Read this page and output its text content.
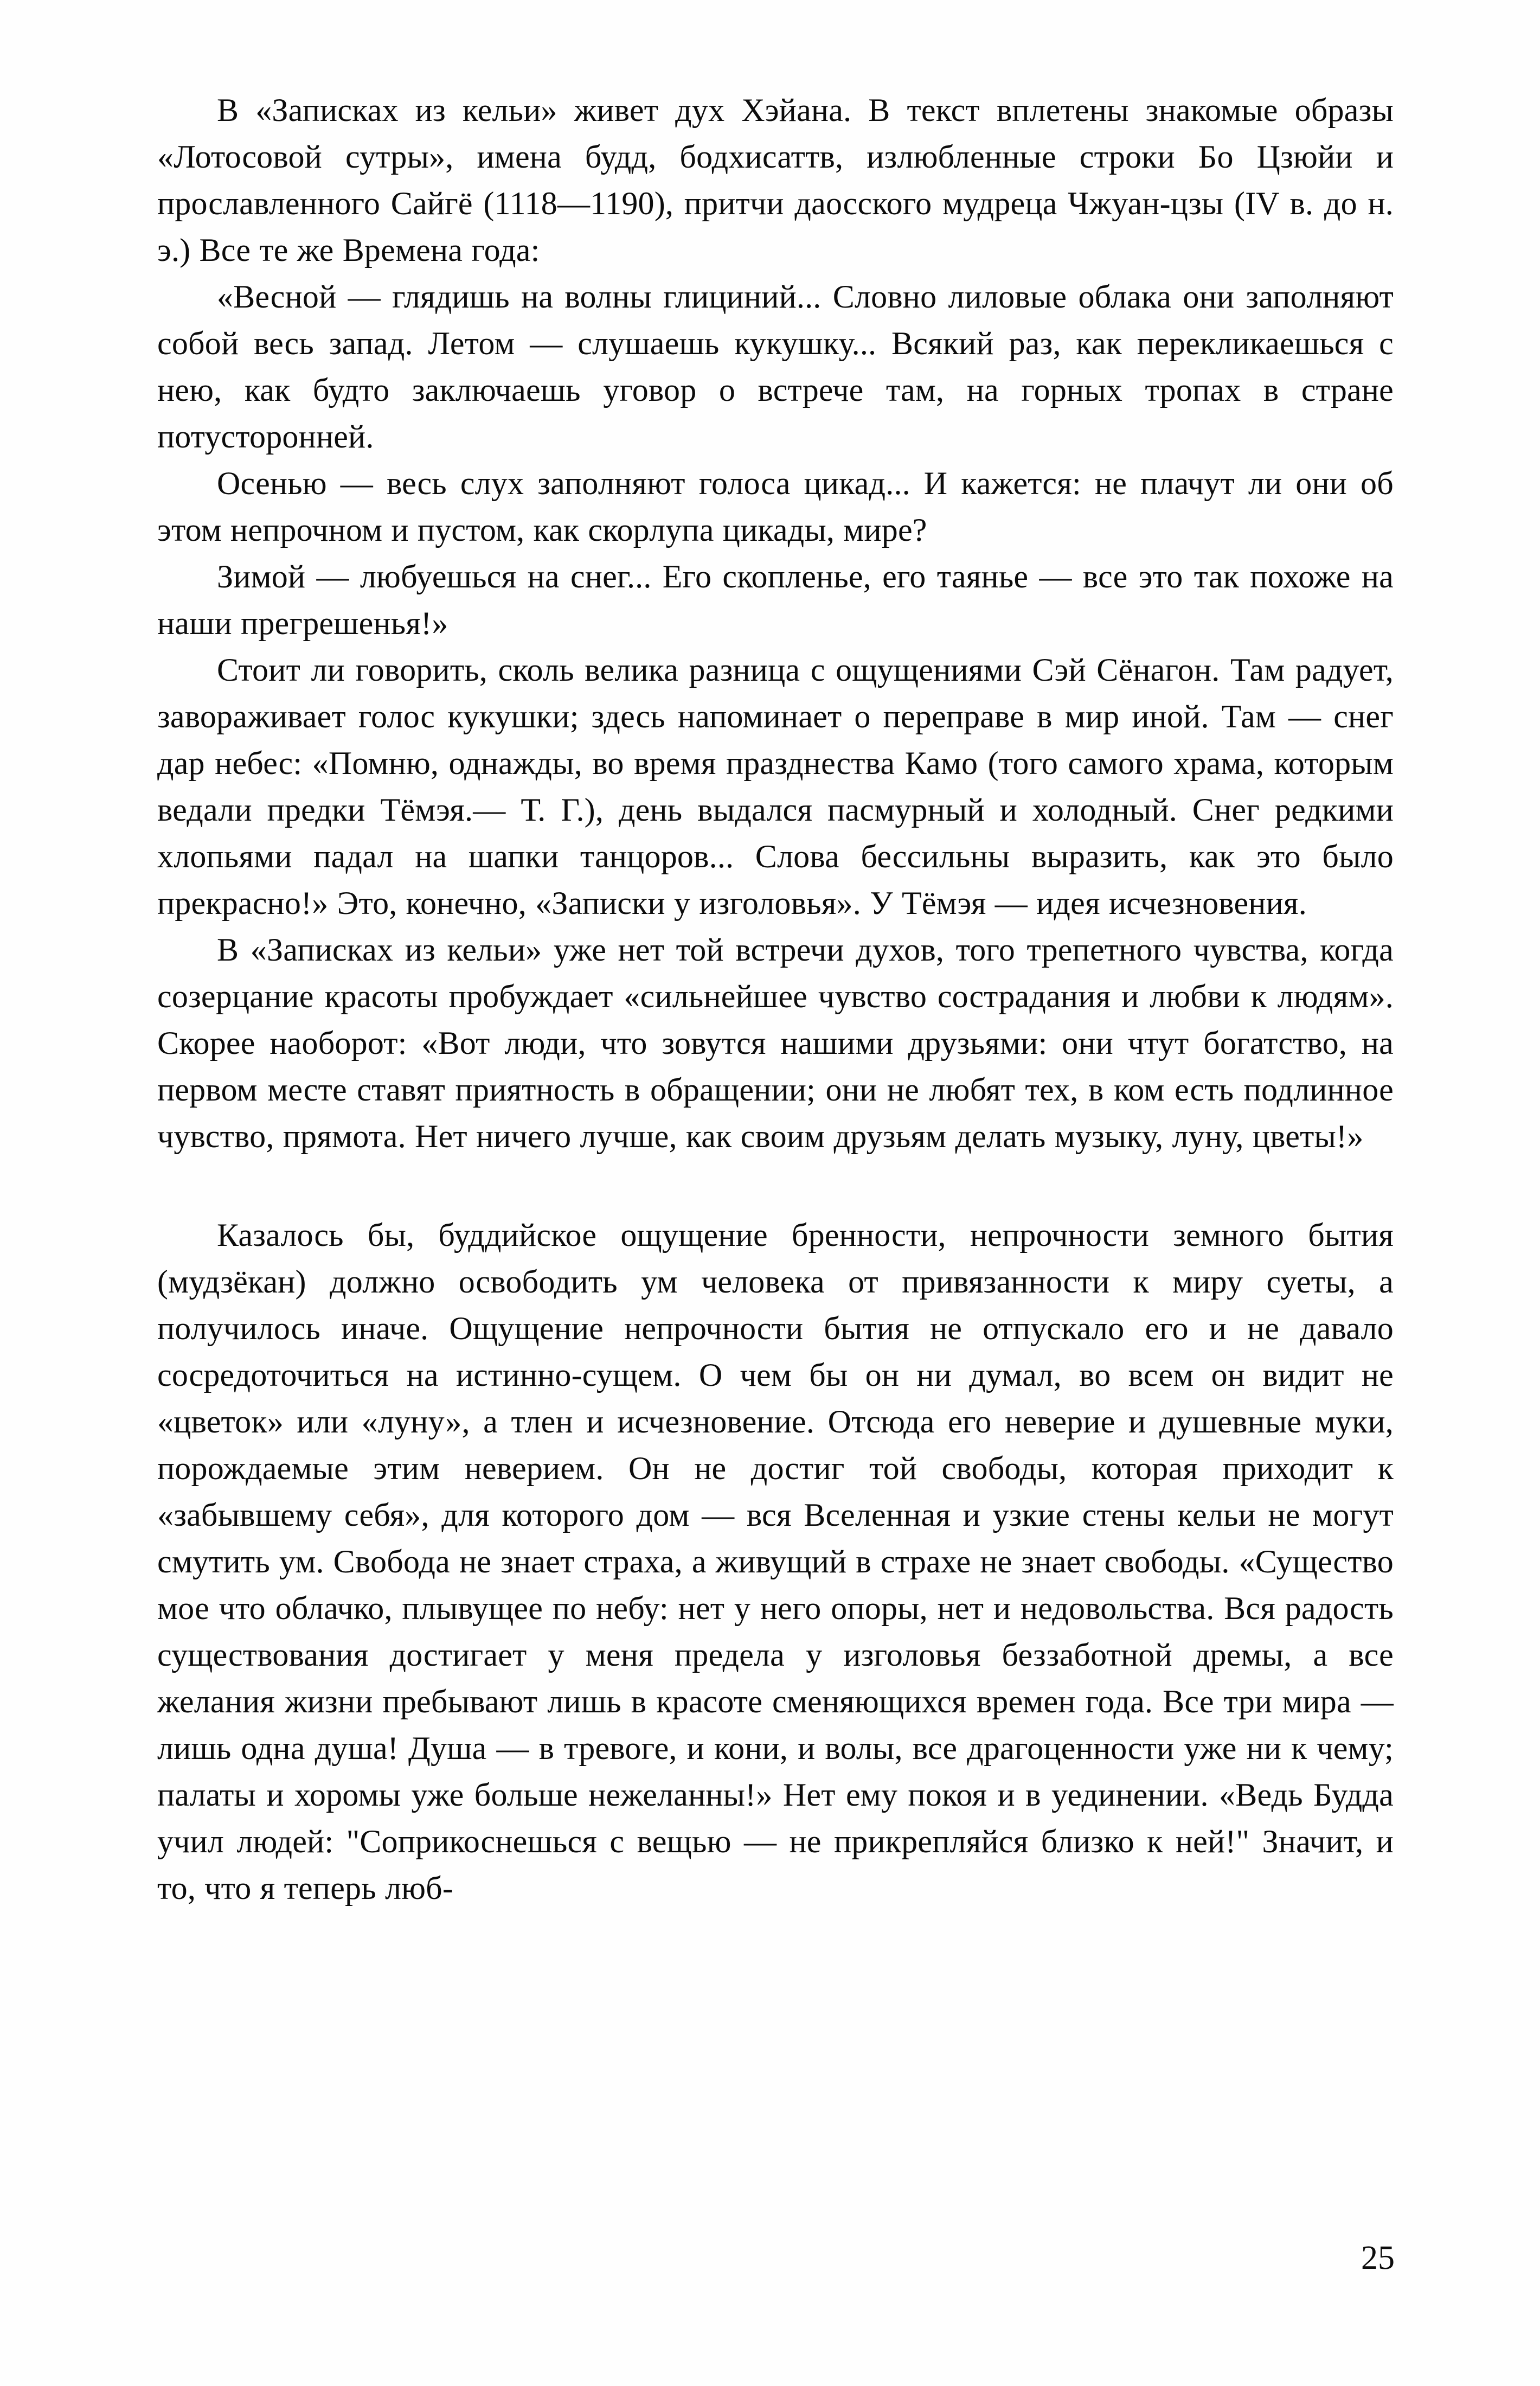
В «Записках из кельи» живет дух Хэйана. В текст вплетены знакомые образы «Лотосовой сутры», имена будд, бодхисаттв, излюбленные строки Бо Цзюйи и прославленного Сайгё (1118—1190), притчи даосского мудреца Чжуан-цзы (IV в. до н. э.) Все те же Времена года:

«Весной — глядишь на волны глициний... Словно лиловые облака они заполняют собой весь запад. Летом — слушаешь кукушку... Всякий раз, как перекликаешься с нею, как будто заключаешь уговор о встрече там, на горных тропах в стране потусторонней.

Осенью — весь слух заполняют голоса цикад... И кажется: не плачут ли они об этом непрочном и пустом, как скорлупа цикады, мире?

Зимой — любуешься на снег... Его скопленье, его таянье — все это так похоже на наши прегрешенья!»

Стоит ли говорить, сколь велика разница с ощущениями Сэй Сёнагон. Там радует, завораживает голос кукушки; здесь напоминает о переправе в мир иной. Там — снег дар небес: «Помню, однажды, во время празднества Камо (того самого храма, которым ведали предки Тёмэя.— Т. Г.), день выдался пасмурный и холодный. Снег редкими хлопьями падал на шапки танцоров... Слова бессильны выразить, как это было прекрасно!» Это, конечно, «Записки у изголовья». У Тёмэя — идея исчезновения.

В «Записках из кельи» уже нет той встречи духов, того трепетного чувства, когда созерцание красоты пробуждает «сильнейшее чувство сострадания и любви к людям». Скорее наоборот: «Вот люди, что зовутся нашими друзьями: они чтут богатство, на первом месте ставят приятность в обращении; они не любят тех, в ком есть подлинное чувство, прямота. Нет ничего лучше, как своим друзьям делать музыку, луну, цветы!»

Казалось бы, буддийское ощущение бренности, непрочности земного бытия (мудзёкан) должно освободить ум человека от привязанности к миру суеты, а получилось иначе. Ощущение непрочности бытия не отпускало его и не давало сосредоточиться на истинно-сущем. О чем бы он ни думал, во всем он видит не «цветок» или «луну», а тлен и исчезновение. Отсюда его неверие и душевные муки, порождаемые этим неверием. Он не достиг той свободы, которая приходит к «забывшему себя», для которого дом — вся Вселенная и узкие стены кельи не могут смутить ум. Свобода не знает страха, а живущий в страхе не знает свободы. «Существо мое что облачко, плывущее по небу: нет у него опоры, нет и недовольства. Вся радость существования достигает у меня предела у изголовья беззаботной дремы, а все желания жизни пребывают лишь в красоте сменяющихся времен года. Все три мира — лишь одна душа! Душа — в тревоге, и кони, и волы, все драгоценности уже ни к чему; палаты и хоромы уже больше нежеланны!» Нет ему покоя и в уединении. «Ведь Будда учил людей: "Соприкоснешься с вещью — не прикрепляйся близко к ней!" Значит, и то, что я теперь люб-

25
